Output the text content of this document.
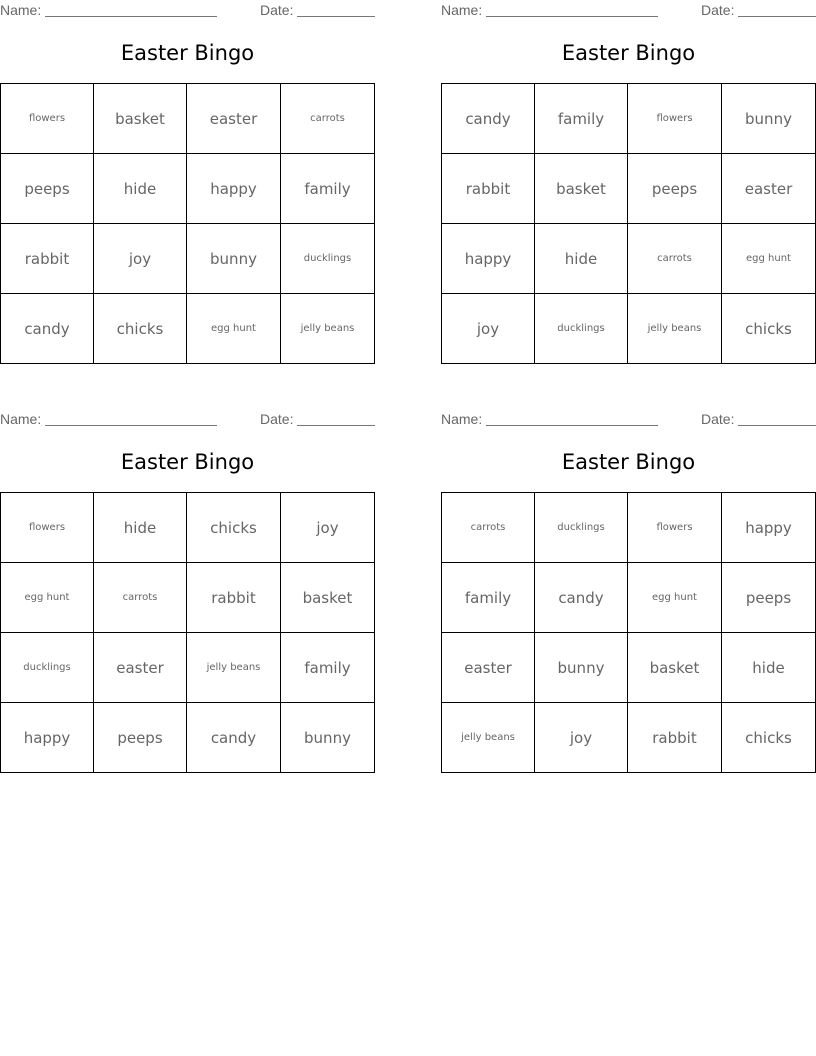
Name:	Date:
Easter Bingo
flowers	basket	easter	carrots
peeps	hide	happy	family
rabbit	joy	bunny	ducklings
candy	chicks	egg hunt	jelly beans
Name:	Date:
Easter Bingo
candy	family	flowers	bunny
rabbit	basket	peeps	easter
happy	hide	carrots	egg hunt
joy	ducklings	jelly beans	chicks
Name:	Date:
Easter Bingo
flowers	hide	chicks	joy
egg hunt	carrots	rabbit	basket
ducklings	easter	jelly beans	family
happy	peeps	candy	bunny
Name:	Date:
Easter Bingo
carrots	ducklings	flowers	happy
family	candy	egg hunt	peeps
easter	bunny	basket	hide
jelly beans	joy	rabbit	chicks
